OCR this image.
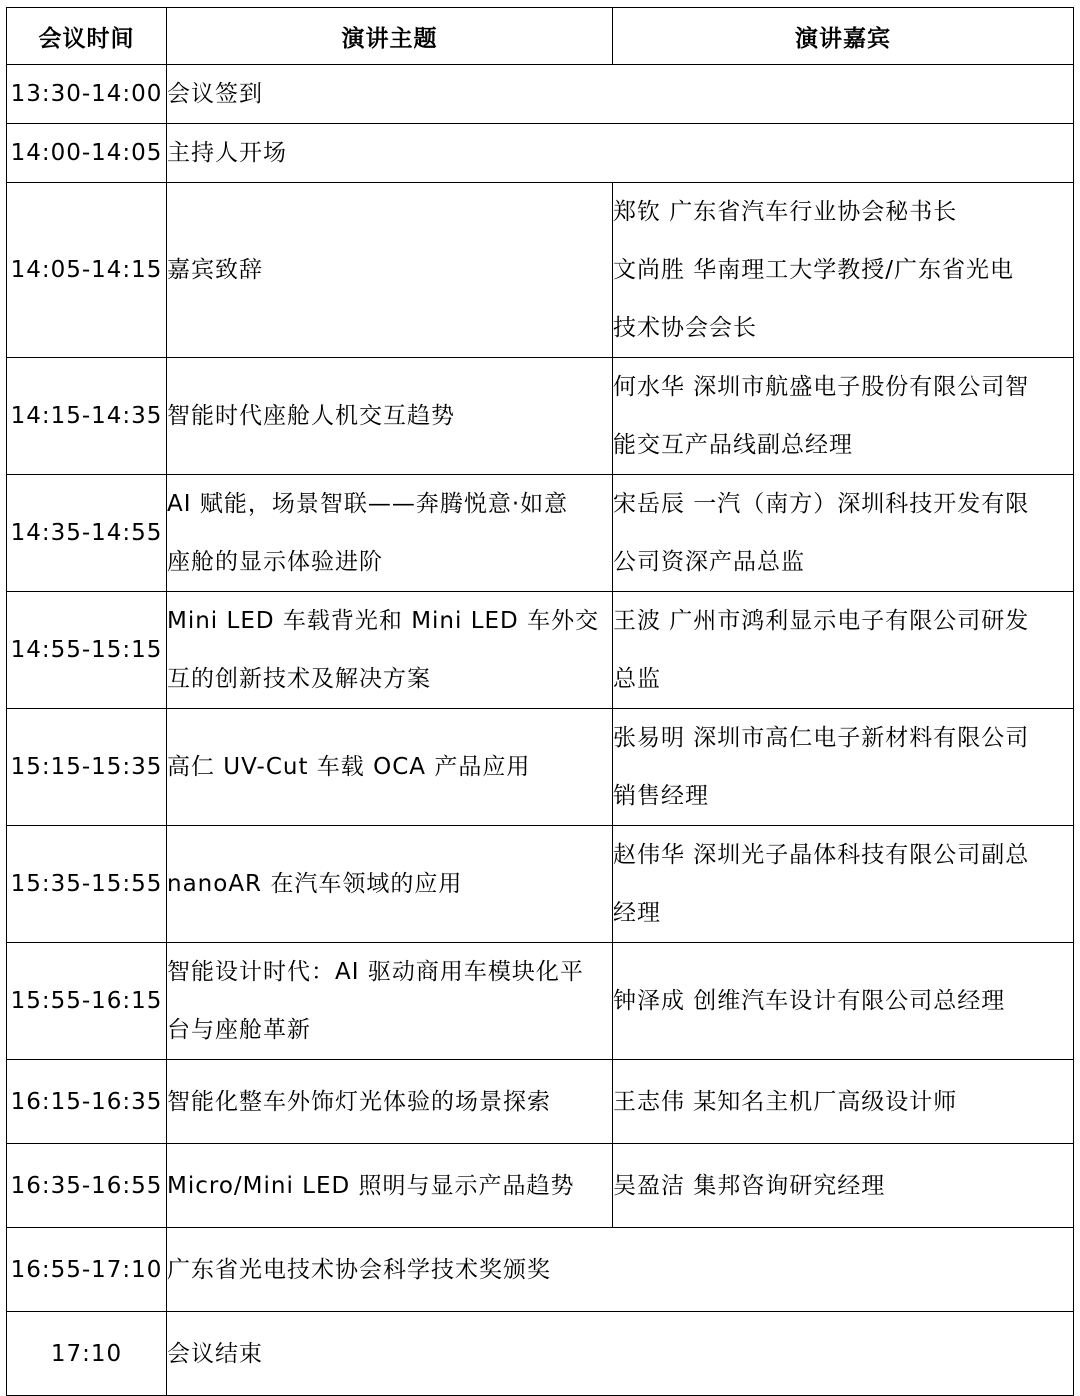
会议时间	演讲主题	演讲嘉宾
13:30-14:00	会议签到	

14:00-14:05	主持人开场	

14:05-14:15	嘉宾致辞	郑钦 广东省汽车行业协会秘书长
文尚胜 华南理工大学教授/广东省光电
技术协会会长

14:15-14:35	智能时代座舱人机交互趋势	何水华 深圳市航盛电子股份有限公司智
能交互产品线副总经理

14:35-14:55	AI 赋能，场景智联——奔腾悦意·如意
座舱的显示体验进阶	宋岳辰 一汽（南方）深圳科技开发有限
公司资深产品总监

14:55-15:15	Mini LED 车载背光和 Mini LED 车外交
互的创新技术及解决方案	王波 广州市鸿利显示电子有限公司研发
总监

15:15-15:35	高仁 UV-Cut 车载 OCA 产品应用	张易明 深圳市高仁电子新材料有限公司
销售经理

15:35-15:55	nanoAR 在汽车领域的应用	赵伟华 深圳光子晶体科技有限公司副总
经理

15:55-16:15	智能设计时代：AI 驱动商用车模块化平
台与座舱革新	钟泽成 创维汽车设计有限公司总经理

16:15-16:35	智能化整车外饰灯光体验的场景探索	王志伟 某知名主机厂高级设计师

16:35-16:55	Micro/Mini LED 照明与显示产品趋势	吴盈洁 集邦咨询研究经理

16:55-17:10	广东省光电技术协会科学技术奖颁奖	

17:10	会议结束	
